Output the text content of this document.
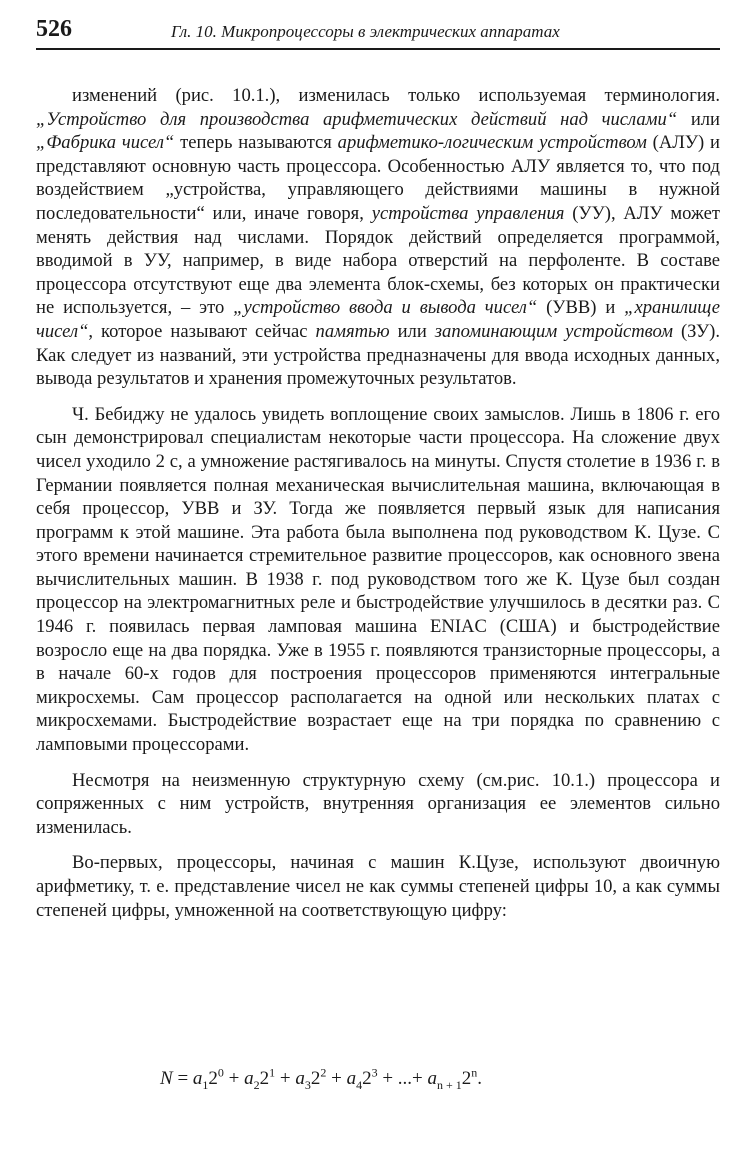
526	Гл. 10. Микропроцессоры в электрических аппаратах

изменений (рис. 10.1.), изменилась только используемая терминология. „Устройство для производства арифметических действий над числами“ или „Фабрика чисел“ теперь называются арифметико-логическим устройством (АЛУ) и представляют основную часть процессора. Особенностью АЛУ является то, что под воздействием „устройства, управляющего действиями машины в нужной последовательности“ или, иначе говоря, устройства управления (УУ), АЛУ может менять действия над числами. Порядок действий определяется программой, вводимой в УУ, например, в виде набора отверстий на перфоленте. В составе процессора отсутствуют еще два элемента блок-схемы, без которых он практически не используется, – это „устройство ввода и вывода чисел“ (УВВ) и „хранилище чисел“, которое называют сейчас памятью или запоминающим устройством (ЗУ). Как следует из названий, эти устройства предназначены для ввода исходных данных, вывода результатов и хранения промежуточных результатов.

Ч. Бебиджу не удалось увидеть воплощение своих замыслов. Лишь в 1806 г. его сын демонстрировал специалистам некоторые части процессора. На сложение двух чисел уходило 2 с, а умножение растягивалось на минуты. Спустя столетие в 1936 г. в Германии появляется полная механическая вычислительная машина, включающая в себя процессор, УВВ и ЗУ. Тогда же появляется первый язык для написания программ к этой машине. Эта работа была выполнена под руководством К. Цузе. С этого времени начинается стремительное развитие процессоров, как основного звена вычислительных машин. В 1938 г. под руководством того же К. Цузе был создан процессор на электромагнитных реле и быстродействие улучшилось в десятки раз. С 1946 г. появилась первая ламповая машина ENIAC (США) и быстродействие возросло еще на два порядка. Уже в 1955 г. появляются транзисторные процессоры, а в начале 60-х годов для построения процессоров применяются интегральные микросхемы. Сам процессор располагается на одной или нескольких платах с микросхемами. Быстродействие возрастает еще на три порядка по сравнению с ламповыми процессорами.

Несмотря на неизменную структурную схему (см.рис. 10.1.) процессора и сопряженных с ним устройств, внутренняя организация ее элементов сильно изменилась.

Во-первых, процессоры, начиная с машин К.Цузе, используют двоичную арифметику, т. е. представление чисел не как суммы степеней цифры 10, а как суммы степеней цифры, умноженной на соответствующую цифру:

$N = a_12^0 + a_22^1 + a_32^2 + a_42^3$ + ...+ $a_{n + 1}2^n$.
